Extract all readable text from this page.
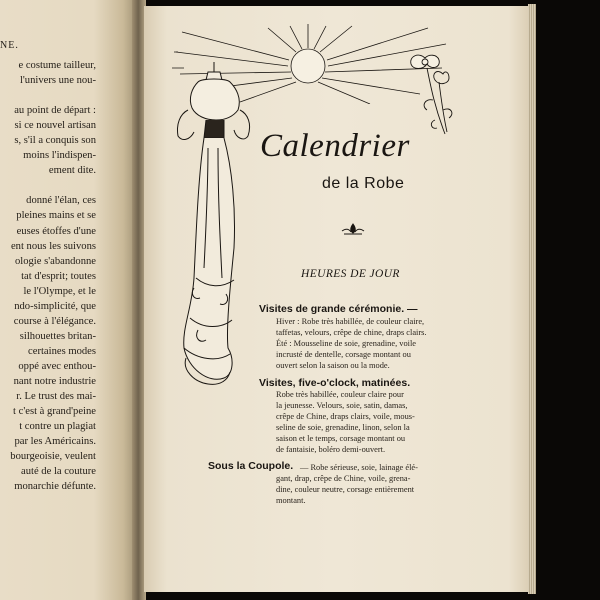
NE.
e costume tailleur,
l'univers une nou-

au point de départ :
si ce nouvel artisan
s, s'il a conquis son
moins l'indispen-
ement dite.

donné l'élan, ces
pleines mains et se
euses étoffes d'une
ent nous les suivons
ologie s'abandonne
tat d'esprit; toutes
le l'Olympe, et le
ndo-simplicité, que
course à l'élégance.
silhouettes britan-
certaines modes
oppé avec enthou-
nant notre industrie
r. Le trust des mai-
t c'est à grand'peine
t contre un plagiat
par les Américains.
bourgeoisie, veulent
auté de la couture
monarchie défunte.
Calendrier
de la Robe
HEURES DE JOUR
Visites de grande cérémonie. —
Hiver : Robe très habillée, de couleur claire,
taffetas, velours, crêpe de chine, draps clairs.
Été : Mousseline de soie, grenadine, voile
incrusté de dentelle, corsage montant ou
ouvert selon la saison ou la mode.
Visites, five-o'clock, matinées.
Robe très habillée, couleur claire pour
la jeunesse. Velours, soie, satin, damas,
crêpe de Chine, draps clairs, voile, mous-
seline de soie, grenadine, linon, selon la
saison et le temps, corsage montant ou
de fantaisie, boléro demi-ouvert.
Sous la Coupole. — Robe sérieuse, soie, lainage élé-
gant, drap, crêpe de Chine, voile, grena-
dine, couleur neutre, corsage entièrement
montant.
